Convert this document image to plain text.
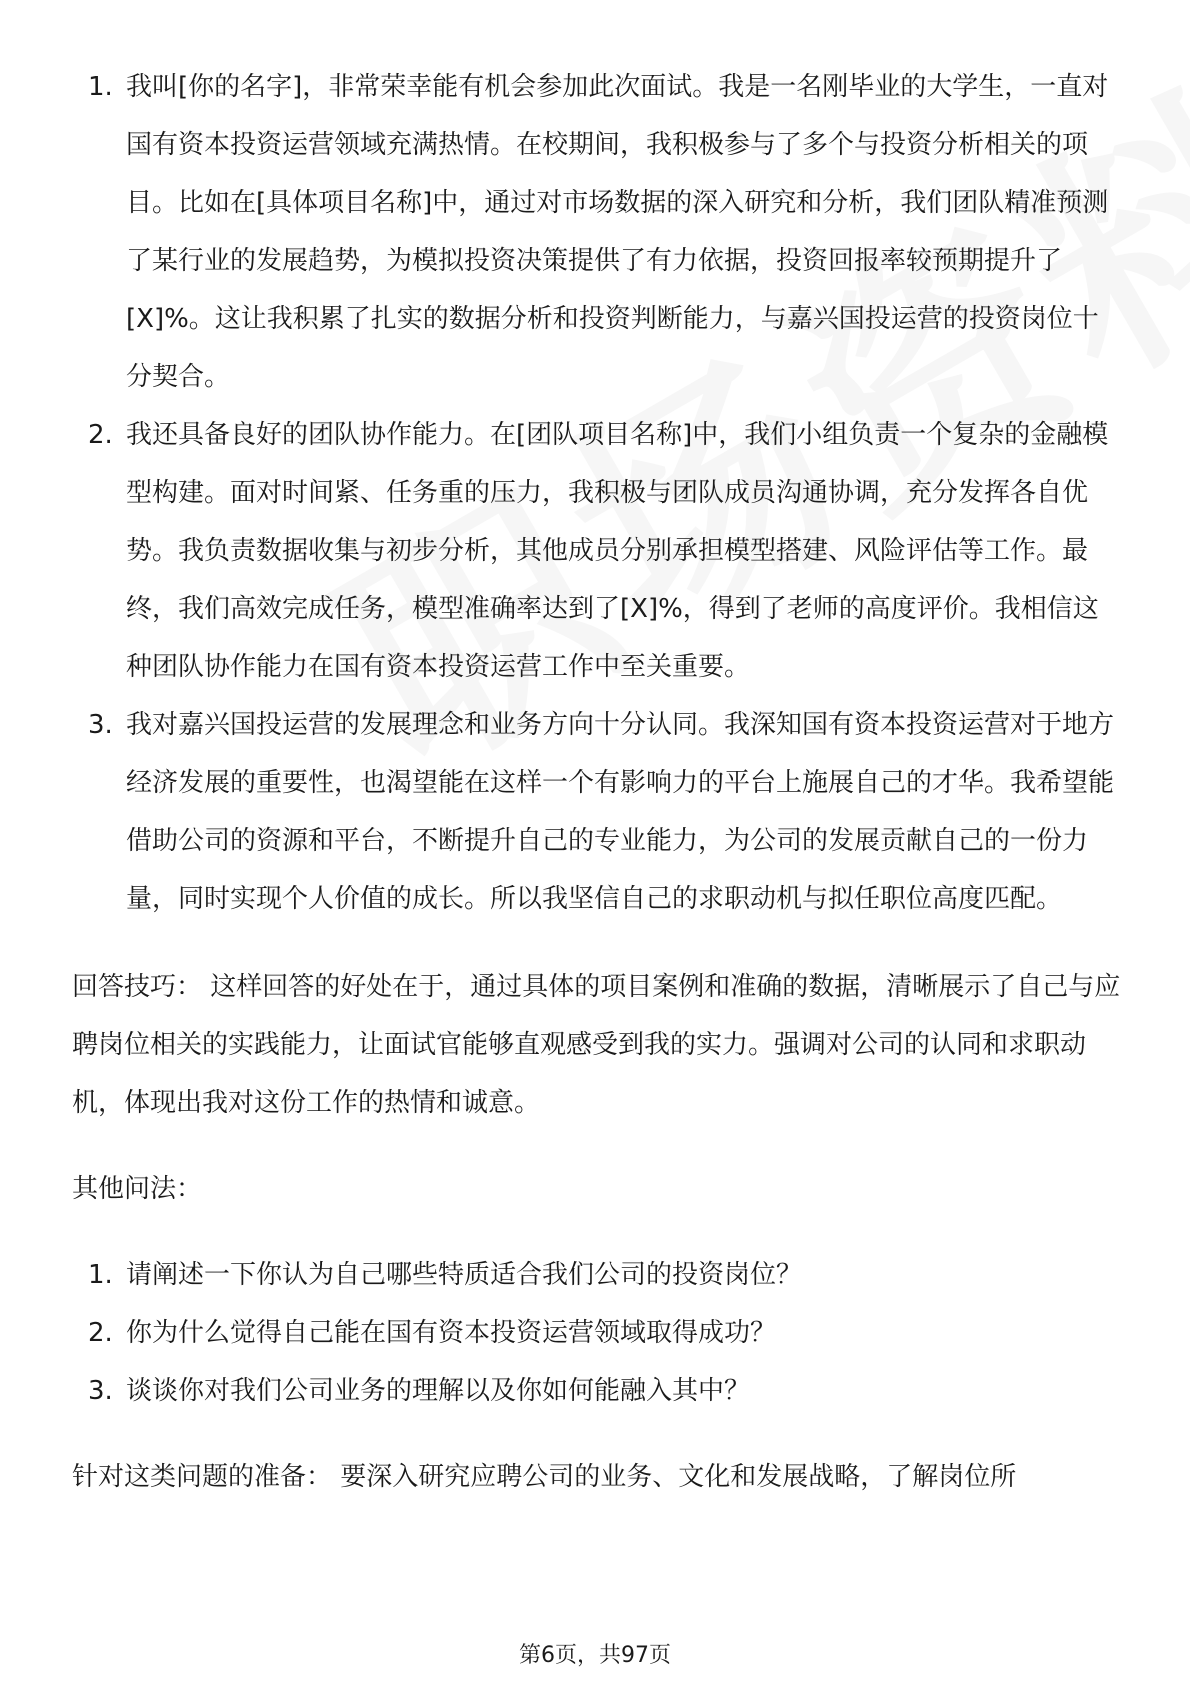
1. 我叫[你的名字]，非常荣幸能有机会参加此次面试。我是一名刚毕业的大学生，一直对国有资本投资运营领域充满热情。在校期间，我积极参与了多个与投资分析相关的项目。比如在[具体项目名称]中，通过对市场数据的深入研究和分析，我们团队精准预测了某行业的发展趋势，为模拟投资决策提供了有力依据，投资回报率较预期提升了[X]%。这让我积累了扎实的数据分析和投资判断能力，与嘉兴国投运营的投资岗位十分契合。
2. 我还具备良好的团队协作能力。在[团队项目名称]中，我们小组负责一个复杂的金融模型构建。面对时间紧、任务重的压力，我积极与团队成员沟通协调，充分发挥各自优势。我负责数据收集与初步分析，其他成员分别承担模型搭建、风险评估等工作。最终，我们高效完成任务，模型准确率达到了[X]%，得到了老师的高度评价。我相信这种团队协作能力在国有资本投资运营工作中至关重要。
3. 我对嘉兴国投运营的发展理念和业务方向十分认同。我深知国有资本投资运营对于地方经济发展的重要性，也渴望能在这样一个有影响力的平台上施展自己的才华。我希望能借助公司的资源和平台，不断提升自己的专业能力，为公司的发展贡献自己的一份力量，同时实现个人价值的成长。所以我坚信自己的求职动机与拟任职位高度匹配。

回答技巧： 这样回答的好处在于，通过具体的项目案例和准确的数据，清晰展示了自己与应聘岗位相关的实践能力，让面试官能够直观感受到我的实力。强调对公司的认同和求职动机，体现出我对这份工作的热情和诚意。

其他问法：

1. 请阐述一下你认为自己哪些特质适合我们公司的投资岗位？
2. 你为什么觉得自己能在国有资本投资运营领域取得成功？
3. 谈谈你对我们公司业务的理解以及你如何能融入其中？

针对这类问题的准备： 要深入研究应聘公司的业务、文化和发展战略，了解岗位所

第6页，共97页
